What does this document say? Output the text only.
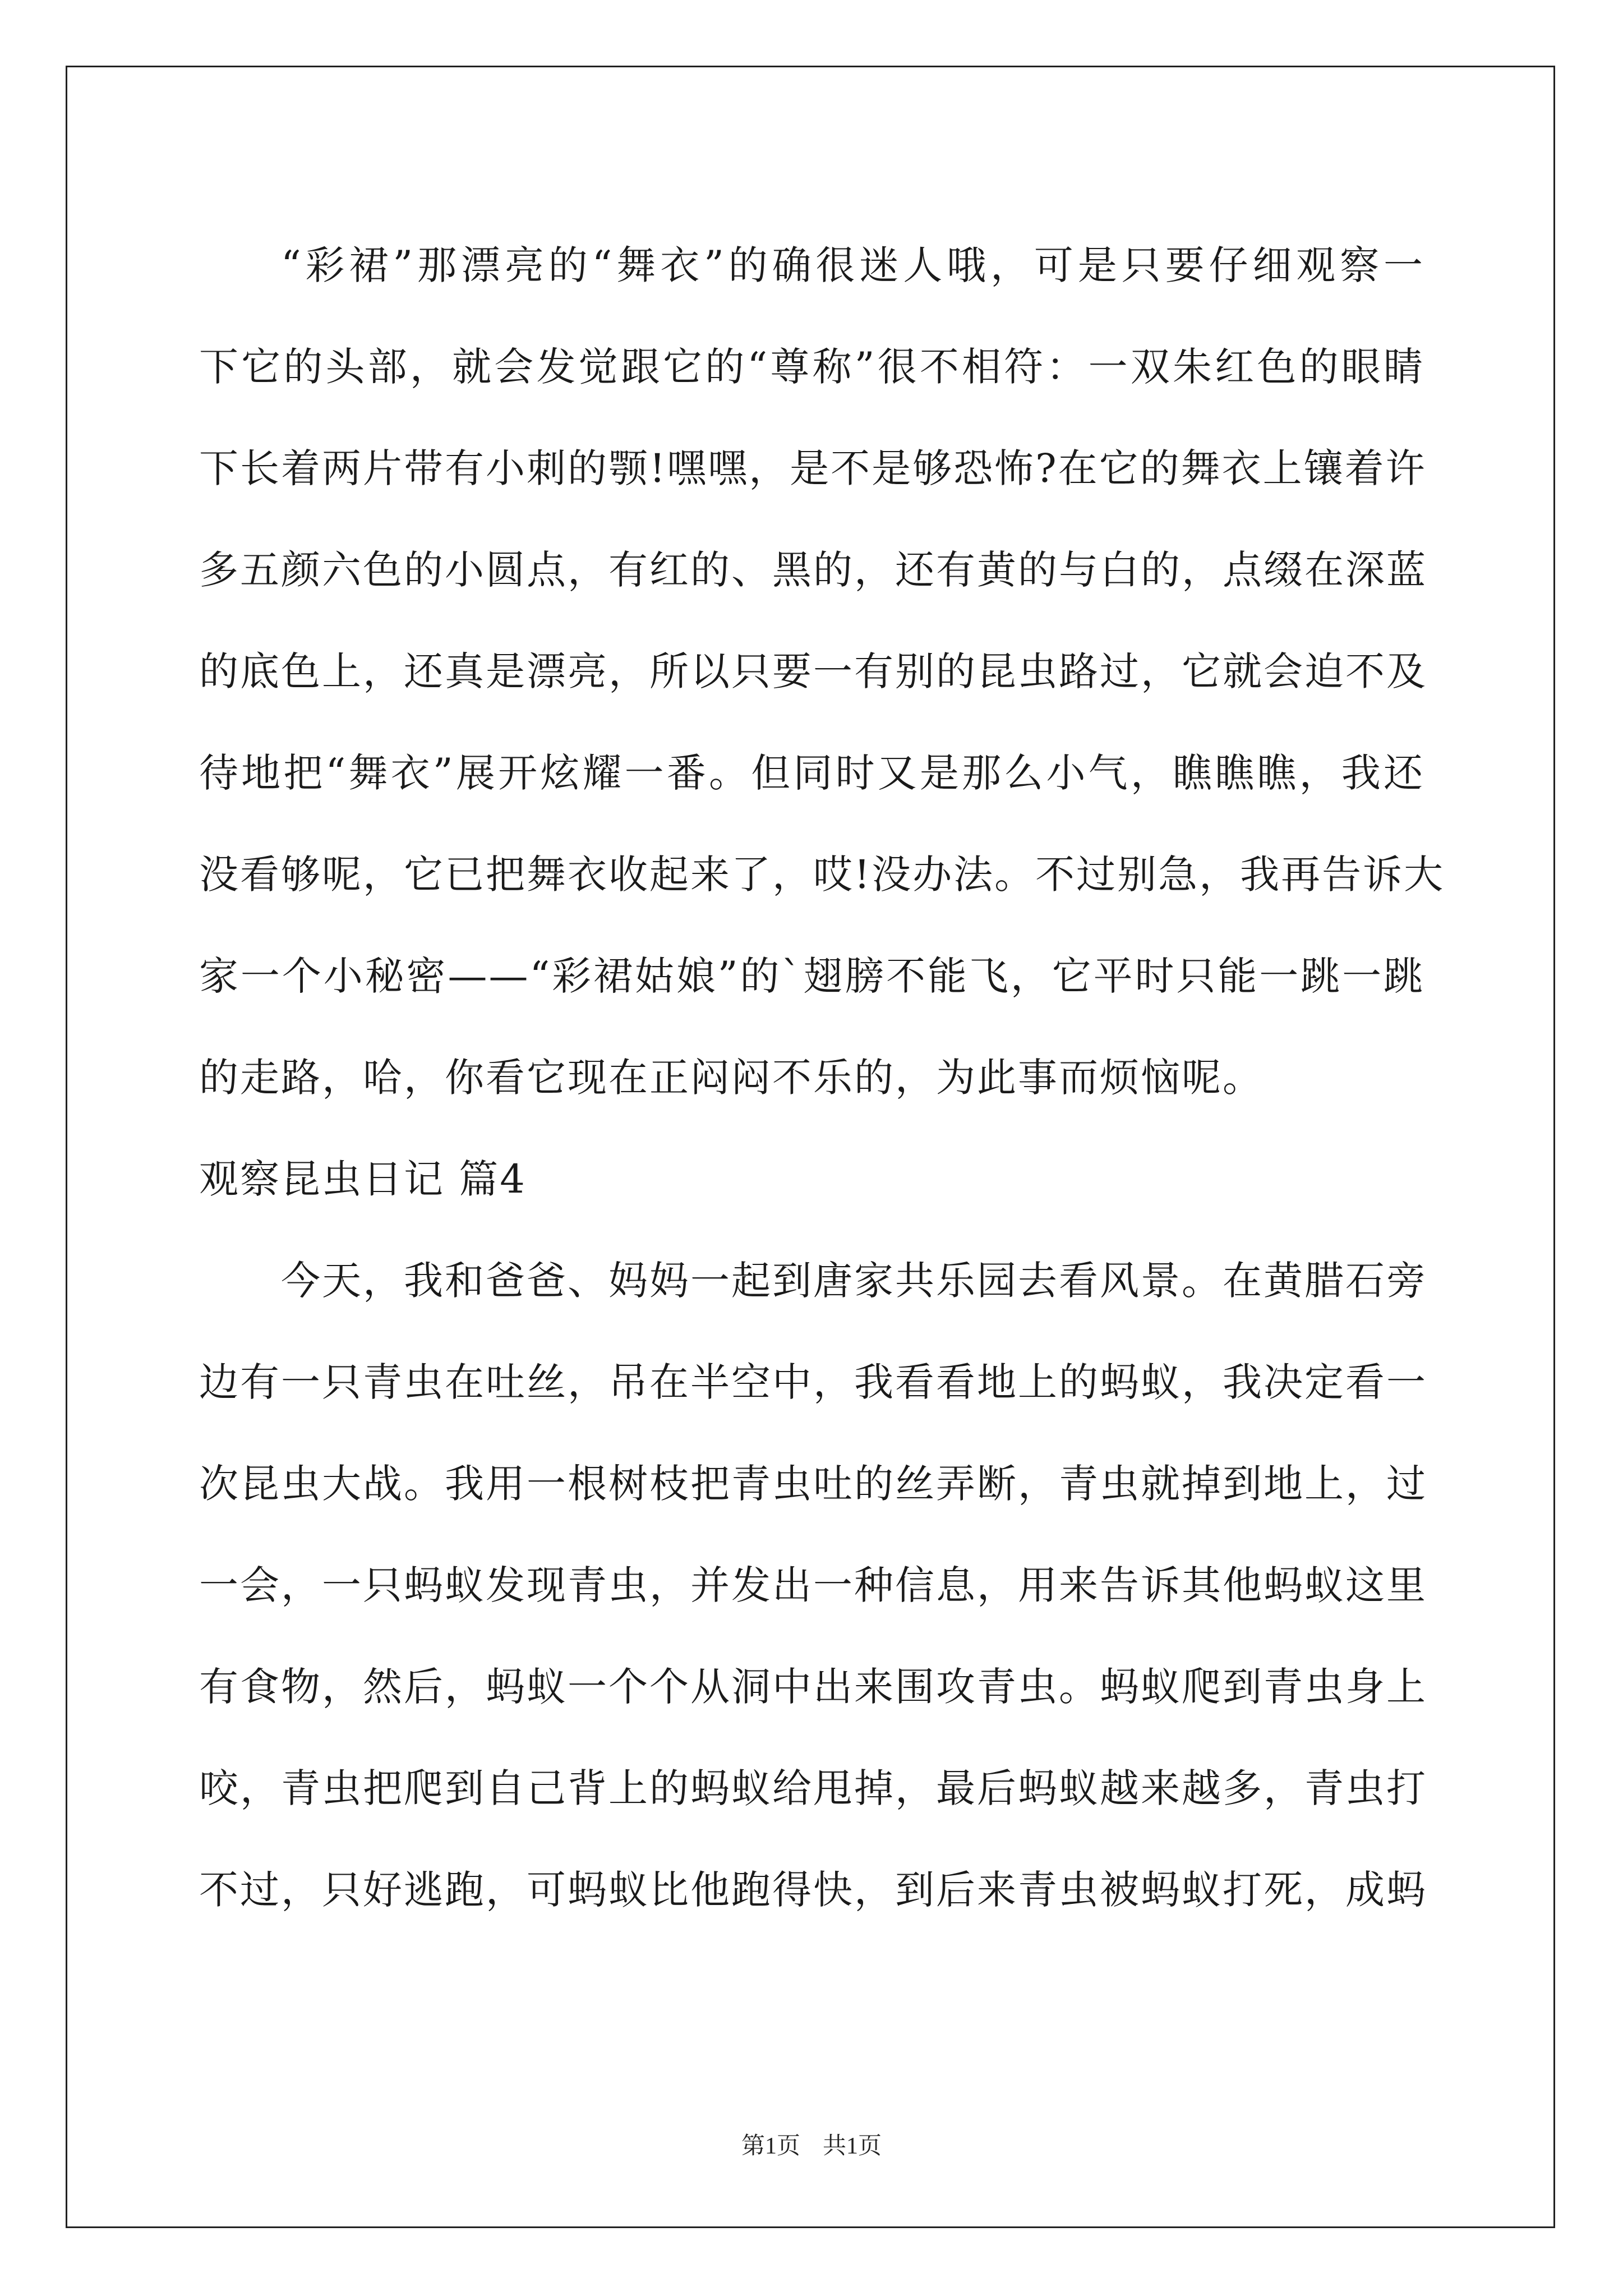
“彩裙”那漂亮的“舞衣”的确很迷人哦，可是只要仔细观察一
下它的头部，就会发觉跟它的“尊称”很不相符：一双朱红色的眼睛
下长着两片带有小刺的颚!嘿嘿，是不是够恐怖?在它的舞衣上镶着许
多五颜六色的小圆点，有红的、黑的，还有黄的与白的，点缀在深蓝
的底色上，还真是漂亮，所以只要一有别的昆虫路过，它就会迫不及
待地把“舞衣”展开炫耀一番。但同时又是那么小气，瞧瞧瞧，我还
没看够呢，它已把舞衣收起来了，哎!没办法。不过别急，我再告诉大
家一个小秘密——“彩裙姑娘”的`翅膀不能飞，它平时只能一跳一跳
的走路，哈，你看它现在正闷闷不乐的，为此事而烦恼呢。
观察昆虫日记 篇4
今天，我和爸爸、妈妈一起到唐家共乐园去看风景。在黄腊石旁
边有一只青虫在吐丝，吊在半空中，我看看地上的蚂蚁，我决定看一
次昆虫大战。我用一根树枝把青虫吐的丝弄断，青虫就掉到地上，过
一会，一只蚂蚁发现青虫，并发出一种信息，用来告诉其他蚂蚁这里
有食物，然后，蚂蚁一个个从洞中出来围攻青虫。蚂蚁爬到青虫身上
咬，青虫把爬到自己背上的蚂蚁给甩掉，最后蚂蚁越来越多，青虫打
不过，只好逃跑，可蚂蚁比他跑得快，到后来青虫被蚂蚁打死，成蚂
第1页 共1页
